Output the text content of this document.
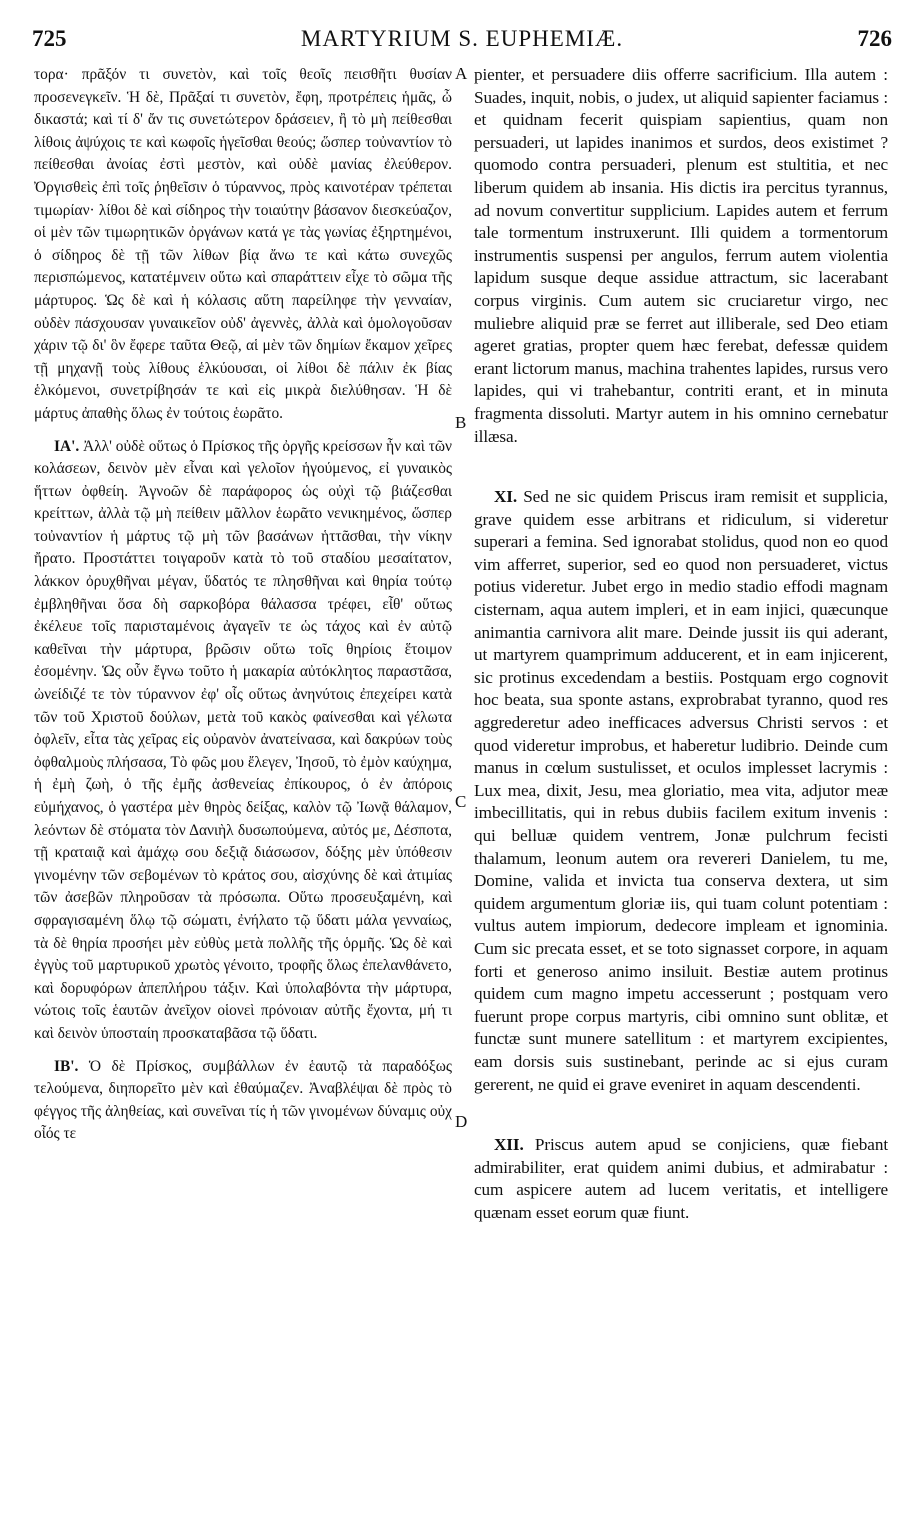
725	MARTYRIUM S. EUPHEMIÆ.	726
A
B
C
D

τορα· πρᾶξόν τι συνετὸν, καὶ τοῖς θεοῖς πεισθῆτι θυσίαν προσενεγκεῖν. Ἡ δὲ, Πρᾶξαί τι συνετὸν, ἔφη, προτρέπεις ἡμᾶς, ὦ δικαστά; καὶ τί δ' ἄν τις συνετώτερον δράσειεν, ἢ τὸ μὴ πείθεσθαι λίθοις ἀψύχοις τε καὶ κωφοῖς ἡγεῖσθαι θεούς; ὥσπερ τοὐναντίον τὸ πείθεσθαι ἀνοίας ἐστὶ μεστὸν, καὶ οὐδὲ μανίας ἐλεύθερον. Ὀργισθεὶς ἐπὶ τοῖς ῥηθεῖσιν ὁ τύραννος, πρὸς καινοτέραν τρέπεται τιμωρίαν· λίθοι δὲ καὶ σίδηρος τὴν τοιαύτην βάσανον διεσκεύαζον, οἱ μὲν τῶν τιμωρητικῶν ὀργάνων κατά γε τὰς γωνίας ἐξηρτημένοι, ὁ σίδηρος δὲ τῇ τῶν λίθων βίᾳ ἄνω τε καὶ κάτω συνεχῶς περισπώμενος, κατατέμνειν οὕτω καὶ σπαράττειν εἶχε τὸ σῶμα τῆς μάρτυρος. Ὡς δὲ καὶ ἡ κόλασις αὕτη παρείληφε τὴν γενναίαν, οὐδὲν πάσχουσαν γυναικεῖον οὐδ' ἀγεννὲς, ἀλλὰ καὶ ὁμολογοῦσαν χάριν τῷ δι' ὃν ἔφερε ταῦτα Θεῷ, αἱ μὲν τῶν δημίων ἔκαμον χεῖρες τῇ μηχανῇ τοὺς λίθους ἑλκύουσαι, οἱ λίθοι δὲ πάλιν ἐκ βίας ἑλκόμενοι, συνετρίβησάν τε καὶ εἰς μικρὰ διελύθησαν. Ἡ δὲ μάρτυς ἀπαθὴς ὅλως ἐν τούτοις ἑωρᾶτο.

ΙΑ'. Ἀλλ' οὐδὲ οὕτως ὁ Πρίσκος τῆς ὀργῆς κρείσσων ἦν καὶ τῶν κολάσεων, δεινὸν μὲν εἶναι καὶ γελοῖον ἡγούμενος, εἰ γυναικὸς ἥττων ὀφθείη. Ἀγνοῶν δὲ παράφορος ὡς οὐχὶ τῷ βιάζεσθαι κρείττων, ἀλλὰ τῷ μὴ πείθειν μᾶλλον ἑωρᾶτο νενικημένος, ὥσπερ τοὐναντίον ἡ μάρτυς τῷ μὴ τῶν βασάνων ἡττᾶσθαι, τὴν νίκην ἤρατο. Προστάττει τοιγαροῦν κατὰ τὸ τοῦ σταδίου μεσαίτατον, λάκκον ὀρυχθῆναι μέγαν, ὕδατός τε πλησθῆναι καὶ θηρία τούτῳ ἐμβληθῆναι ὅσα δὴ σαρκοβόρα θάλασσα τρέφει, εἶθ' οὕτως ἐκέλευε τοῖς παρισταμένοις ἀγαγεῖν τε ὡς τάχος καὶ ἐν αὐτῷ καθεῖναι τὴν μάρτυρα, βρῶσιν οὕτω τοῖς θηρίοις ἕτοιμον ἐσομένην. Ὡς οὖν ἔγνω τοῦτο ἡ μακαρία αὐτόκλητος παραστᾶσα, ὠνείδιζέ τε τὸν τύραννον ἐφ' οἷς οὕτως ἀνηνύτοις ἐπεχείρει κατὰ τῶν τοῦ Χριστοῦ δούλων, μετὰ τοῦ κακὸς φαίνεσθαι καὶ γέλωτα ὀφλεῖν, εἶτα τὰς χεῖρας εἰς οὐρανὸν ἀνατείνασα, καὶ δακρύων τοὺς ὀφθαλμοὺς πλήσασα, Τὸ φῶς μου ἔλεγεν, Ἰησοῦ, τὸ ἐμὸν καύχημα, ἡ ἐμὴ ζωὴ, ὁ τῆς ἐμῆς ἀσθενείας ἐπίκουρος, ὁ ἐν ἀπόροις εὐμήχανος, ὁ γαστέρα μὲν θηρὸς δείξας, καλὸν τῷ Ἰωνᾷ θάλαμον, λεόντων δὲ στόματα τὸν Δανιὴλ δυσωπούμενα, αὐτός με, Δέσποτα, τῇ κραταιᾷ καὶ ἀμάχῳ σου δεξιᾷ διάσωσον, δόξης μὲν ὑπόθεσιν γινομένην τῶν σεβομένων τὸ κράτος σου, αἰσχύνης δὲ καὶ ἀτιμίας τῶν ἀσεβῶν πληροῦσαν τὰ πρόσωπα. Οὕτω προσευξαμένη, καὶ σφραγισαμένη ὅλῳ τῷ σώματι, ἐνήλατο τῷ ὕδατι μάλα γενναίως, τὰ δὲ θηρία προσήει μὲν εὐθὺς μετὰ πολλῆς τῆς ὁρμῆς. Ὡς δὲ καὶ ἐγγὺς τοῦ μαρτυρικοῦ χρωτὸς γένοιτο, τροφῆς ὅλως ἐπελανθάνετο, καὶ δορυφόρων ἀπεπλήρου τάξιν. Καὶ ὑπολαβόντα τὴν μάρτυρα, νώτοις τοῖς ἑαυτῶν ἀνεῖχον οἱονεὶ πρόνοιαν αὐτῆς ἔχοντα, μή τι καὶ δεινὸν ὑποσταίη προσκαταβᾶσα τῷ ὕδατι.

ΙΒ'. Ὁ δὲ Πρίσκος, συμβάλλων ἐν ἑαυτῷ τὰ παραδόξως τελούμενα, διηπορεῖτο μὲν καὶ ἐθαύμαζεν. Ἀναβλέψαι δὲ πρὸς τὸ φέγγος τῆς ἀληθείας, καὶ συνεῖναι τίς ἡ τῶν γινομένων δύναμις οὐχ οἷός τε

pienter, et persuadere diis offerre sacrificium. Illa autem : Suades, inquit, nobis, o judex, ut aliquid sapienter faciamus : et quidnam fecerit quispiam sapientius, quam non persuaderi, ut lapides inanimos et surdos, deos existimet ? quomodo contra persuaderi, plenum est stultitia, et nec liberum quidem ab insania. His dictis ira percitus tyrannus, ad novum convertitur supplicium. Lapides autem et ferrum tale tormentum instruxerunt. Illi quidem a tormentorum instrumentis suspensi per angulos, ferrum autem violentia lapidum susque deque assidue attractum, sic lacerabant corpus virginis. Cum autem sic cruciaretur virgo, nec muliebre aliquid præ se ferret aut illiberale, sed Deo etiam ageret gratias, propter quem hæc ferebat, defessæ quidem erant lictorum manus, machina trahentes lapides, rursus vero lapides, qui vi trahebantur, contriti erant, et in minuta fragmenta dissoluti. Martyr autem in his omnino cernebatur illæsa.

XI. Sed ne sic quidem Priscus iram remisit et supplicia, grave quidem esse arbitrans et ridiculum, si videretur superari a femina. Sed ignorabat stolidus, quod non eo quod vim afferret, superior, sed eo quod non persuaderet, victus potius videretur. Jubet ergo in medio stadio effodi magnam cisternam, aqua autem impleri, et in eam injici, quæcunque animantia carnivora alit mare. Deinde jussit iis qui aderant, ut martyrem quamprimum adducerent, et in eam injicerent, sic protinus excedendam a bestiis. Postquam ergo cognovit hoc beata, sua sponte astans, exprobrabat tyranno, quod res aggrederetur adeo inefficaces adversus Christi servos : et quod videretur improbus, et haberetur ludibrio. Deinde cum manus in cœlum sustulisset, et oculos implesset lacrymis : Lux mea, dixit, Jesu, mea gloriatio, mea vita, adjutor meæ imbecillitatis, qui in rebus dubiis facilem exitum invenis : qui belluæ quidem ventrem, Jonæ pulchrum fecisti thalamum, leonum autem ora revereri Danielem, tu me, Domine, valida et invicta tua conserva dextera, ut sim quidem argumentum gloriæ iis, qui tuam colunt potentiam : vultus autem impiorum, dedecore impleam et ignominia. Cum sic precata esset, et se toto signasset corpore, in aquam forti et generoso animo insiluit. Bestiæ autem protinus quidem cum magno impetu accesserunt ; postquam vero fuerunt prope corpus martyris, cibi omnino sunt oblitæ, et functæ sunt munere satellitum : et martyrem excipientes, eam dorsis suis sustinebant, perinde ac si ejus curam gererent, ne quid ei grave eveniret in aquam descendenti.

XII. Priscus autem apud se conjiciens, quæ fiebant admirabiliter, erat quidem animi dubius, et admirabatur : cum aspicere autem ad lucem veritatis, et intelligere quænam esset eorum quæ fiunt.
